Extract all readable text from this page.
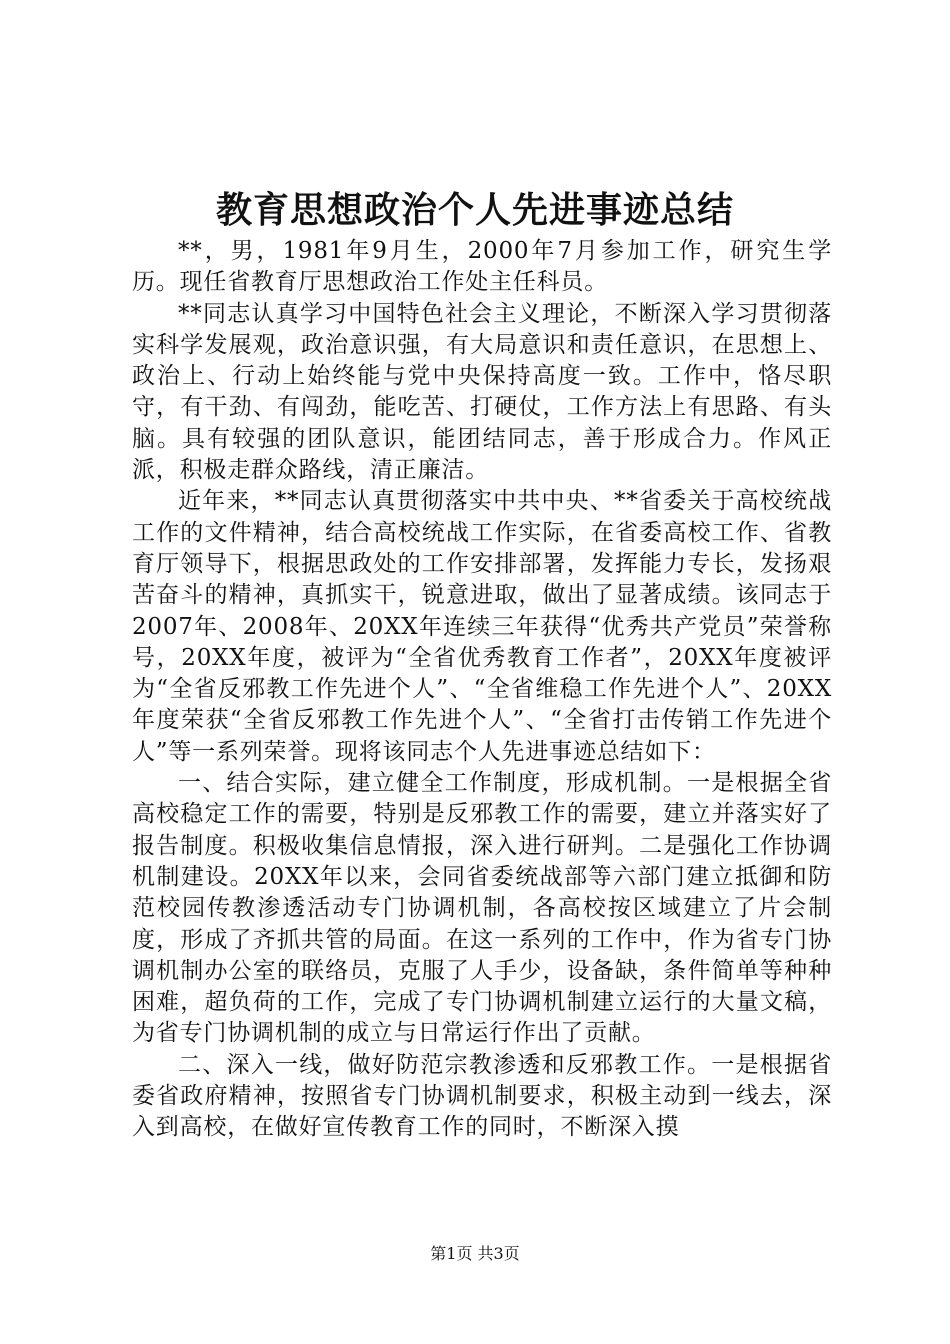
教育思想政治个人先进事迹总结

**，男，1981年9月生，2000年7月参加工作，研究生学历。现任省教育厅思想政治工作处主任科员。

**同志认真学习中国特色社会主义理论，不断深入学习贯彻落实科学发展观，政治意识强，有大局意识和责任意识，在思想上、政治上、行动上始终能与党中央保持高度一致。工作中，恪尽职守，有干劲、有闯劲，能吃苦、打硬仗，工作方法上有思路、有头脑。具有较强的团队意识，能团结同志，善于形成合力。作风正派，积极走群众路线，清正廉洁。

近年来，**同志认真贯彻落实中共中央、**省委关于高校统战工作的文件精神，结合高校统战工作实际，在省委高校工作、省教育厅领导下，根据思政处的工作安排部署，发挥能力专长，发扬艰苦奋斗的精神，真抓实干，锐意进取，做出了显著成绩。该同志于2007年、2008年、20XX年连续三年获得“优秀共产党员”荣誉称号，20XX年度，被评为“全省优秀教育工作者”，20XX年度被评为“全省反邪教工作先进个人”、“全省维稳工作先进个人”、20XX年度荣获“全省反邪教工作先进个人”、“全省打击传销工作先进个人”等一系列荣誉。现将该同志个人先进事迹总结如下：

一、结合实际，建立健全工作制度，形成机制。一是根据全省高校稳定工作的需要，特别是反邪教工作的需要，建立并落实好了报告制度。积极收集信息情报，深入进行研判。二是强化工作协调机制建设。20XX年以来，会同省委统战部等六部门建立抵御和防范校园传教渗透活动专门协调机制，各高校按区域建立了片会制度，形成了齐抓共管的局面。在这一系列的工作中，作为省专门协调机制办公室的联络员，克服了人手少，设备缺，条件简单等种种困难，超负荷的工作，完成了专门协调机制建立运行的大量文稿，为省专门协调机制的成立与日常运行作出了贡献。

二、深入一线，做好防范宗教渗透和反邪教工作。一是根据省委省政府精神，按照省专门协调机制要求，积极主动到一线去，深入到高校，在做好宣传教育工作的同时，不断深入摸

第1页 共3页
